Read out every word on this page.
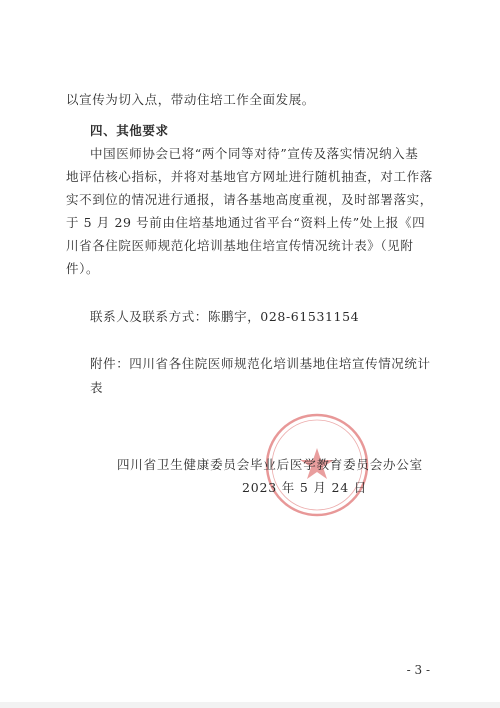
以宣传为切入点，带动住培工作全面发展。
四、其他要求
中国医师协会已将“两个同等对待”宣传及落实情况纳入基
地评估核心指标，并将对基地官方网址进行随机抽查，对工作落
实不到位的情况进行通报，请各基地高度重视，及时部署落实，
于 5 月 29 号前由住培基地通过省平台“资料上传”处上报《四
川省各住院医师规范化培训基地住培宣传情况统计表》（见附
件）。
联系人及联系方式：陈鹏宇，028-61531154
附件：四川省各住院医师规范化培训基地住培宣传情况统计
表
四川省卫生健康委员会毕业后医学教育委员会办公室
2023 年 5 月 24 日
- 3 -
